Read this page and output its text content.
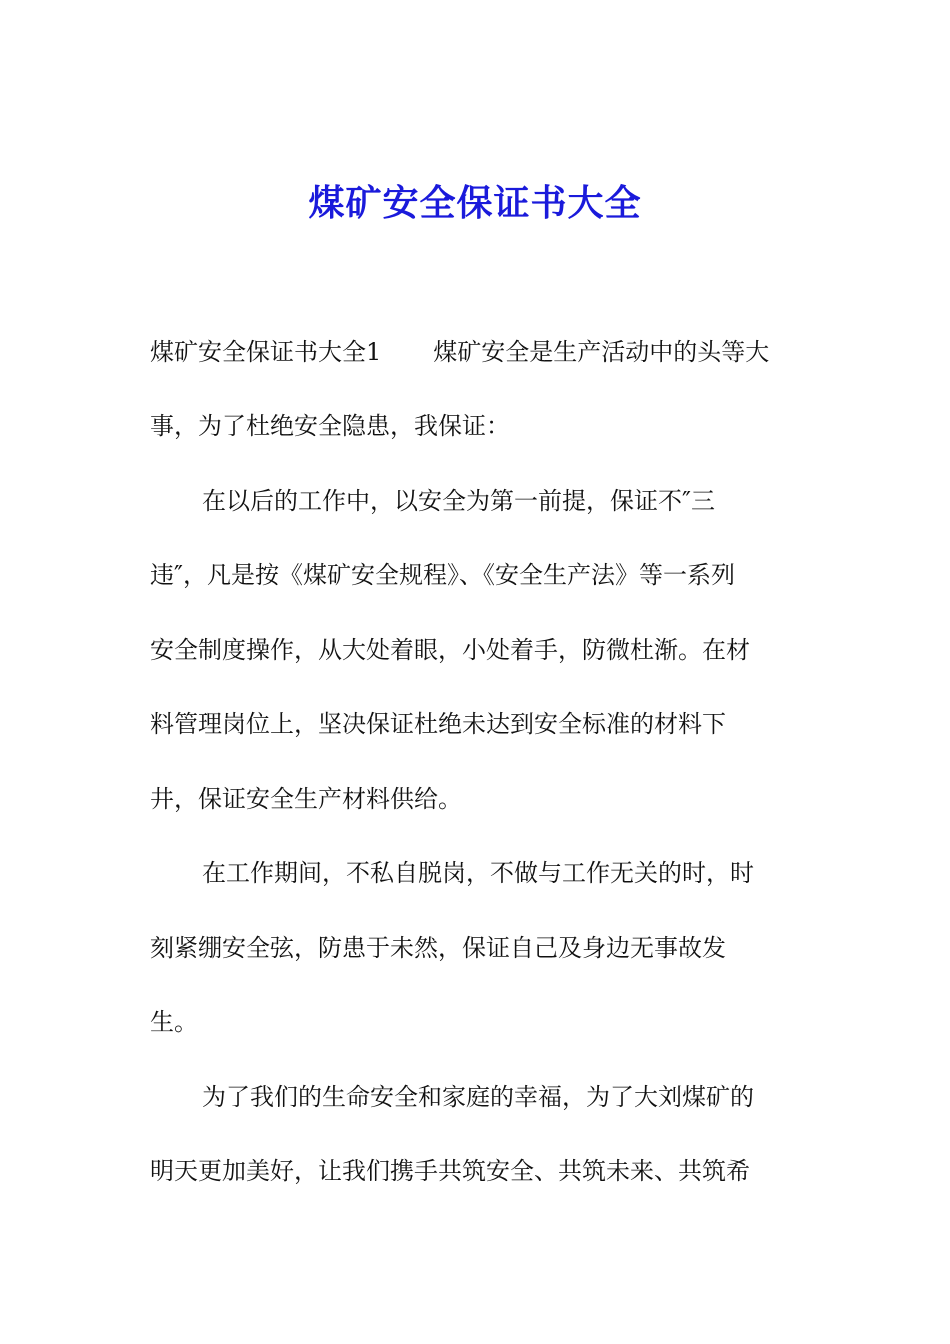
煤矿安全保证书大全

煤矿安全保证书大全1 煤矿安全是生产活动中的头等大

事，为了杜绝安全隐患，我保证：

在以后的工作中，以安全为第一前提，保证不″三

违″，凡是按《煤矿安全规程》、《安全生产法》等一系列

安全制度操作，从大处着眼，小处着手，防微杜渐。在材

料管理岗位上，坚决保证杜绝未达到安全标准的材料下

井，保证安全生产材料供给。

在工作期间，不私自脱岗，不做与工作无关的时，时

刻紧绷安全弦，防患于未然，保证自己及身边无事故发

生。

为了我们的生命安全和家庭的幸福，为了大刘煤矿的

明天更加美好，让我们携手共筑安全、共筑未来、共筑希
